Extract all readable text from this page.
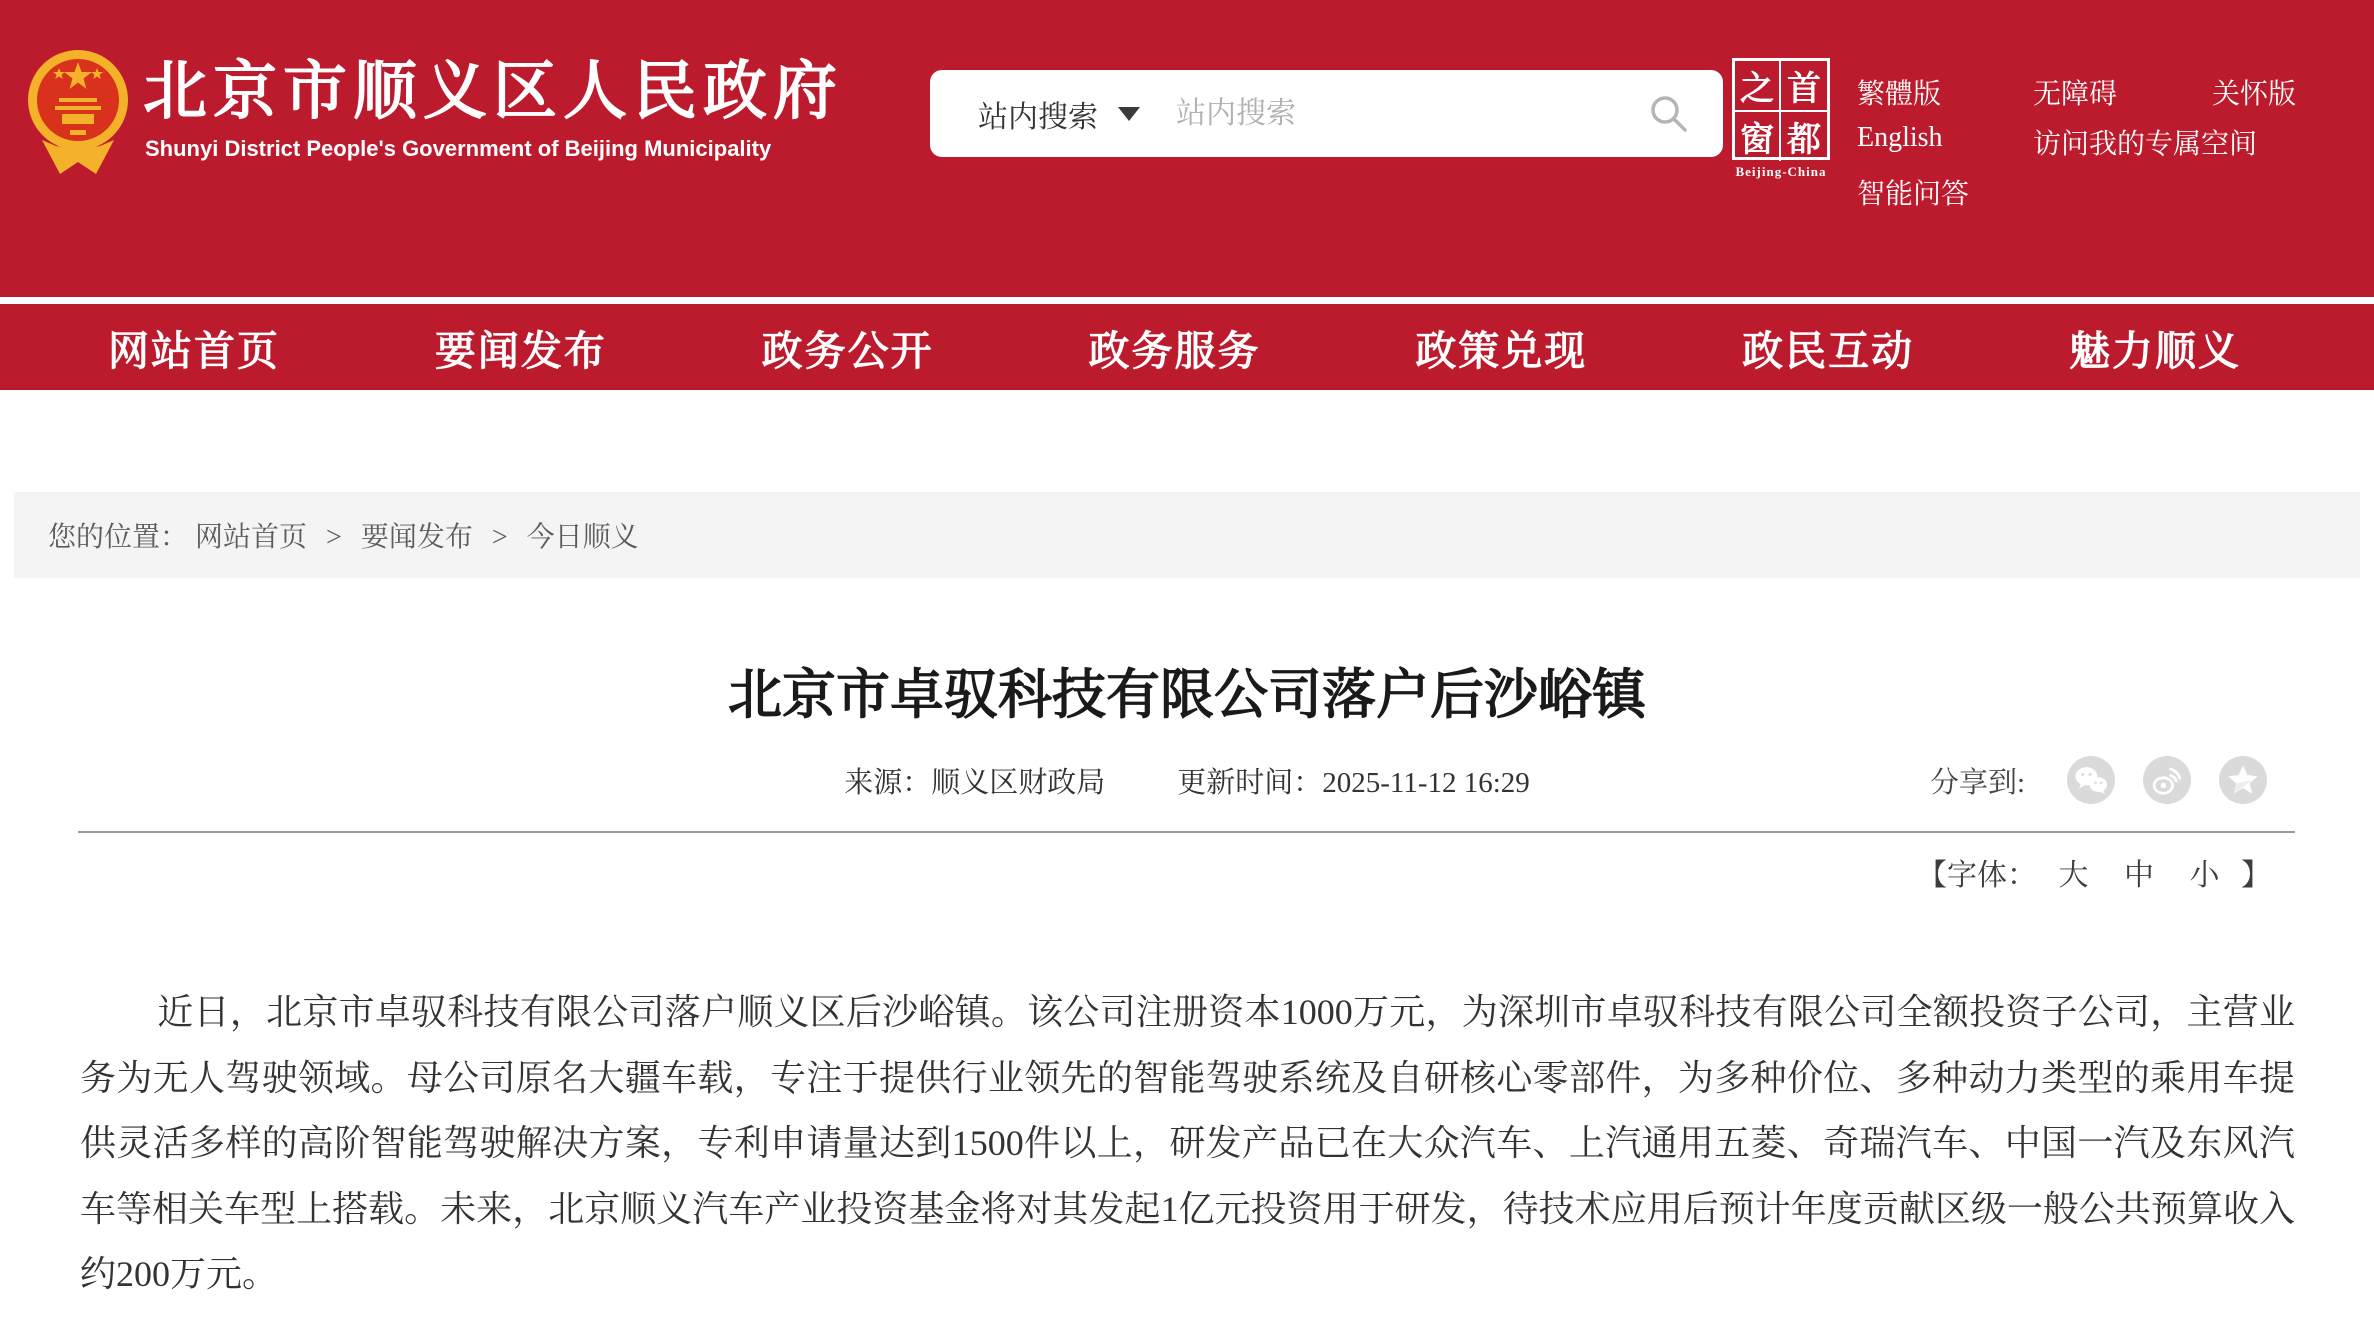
北京市顺义区人民政府
Shunyi District People's Government of Beijing Municipality
站内搜索
站内搜索
之 首
窗 都
Beijing-China
繁體版
English
智能问答
无障碍	关怀版
访问我的专属空间
网站首页	要闻发布	政务公开	政务服务	政策兑现	政民互动	魅力顺义
您的位置： 网站首页 > 要闻发布 > 今日顺义
北京市卓驭科技有限公司落户后沙峪镇
来源：顺义区财政局 更新时间：2025-11-12 16:29	分享到:
【字体： 大 中 小 】

近日，北京市卓驭科技有限公司落户顺义区后沙峪镇。该公司注册资本1000万元，为深圳市卓驭科技有限公司全额投资子公司，主营业务为无人驾驶领域。母公司原名大疆车载，专注于提供行业领先的智能驾驶系统及自研核心零部件，为多种价位、多种动力类型的乘用车提供灵活多样的高阶智能驾驶解决方案，专利申请量达到1500件以上，研发产品已在大众汽车、上汽通用五菱、奇瑞汽车、中国一汽及东风汽车等相关车型上搭载。未来，北京顺义汽车产业投资基金将对其发起1亿元投资用于研发，待技术应用后预计年度贡献区级一般公共预算收入约200万元。
